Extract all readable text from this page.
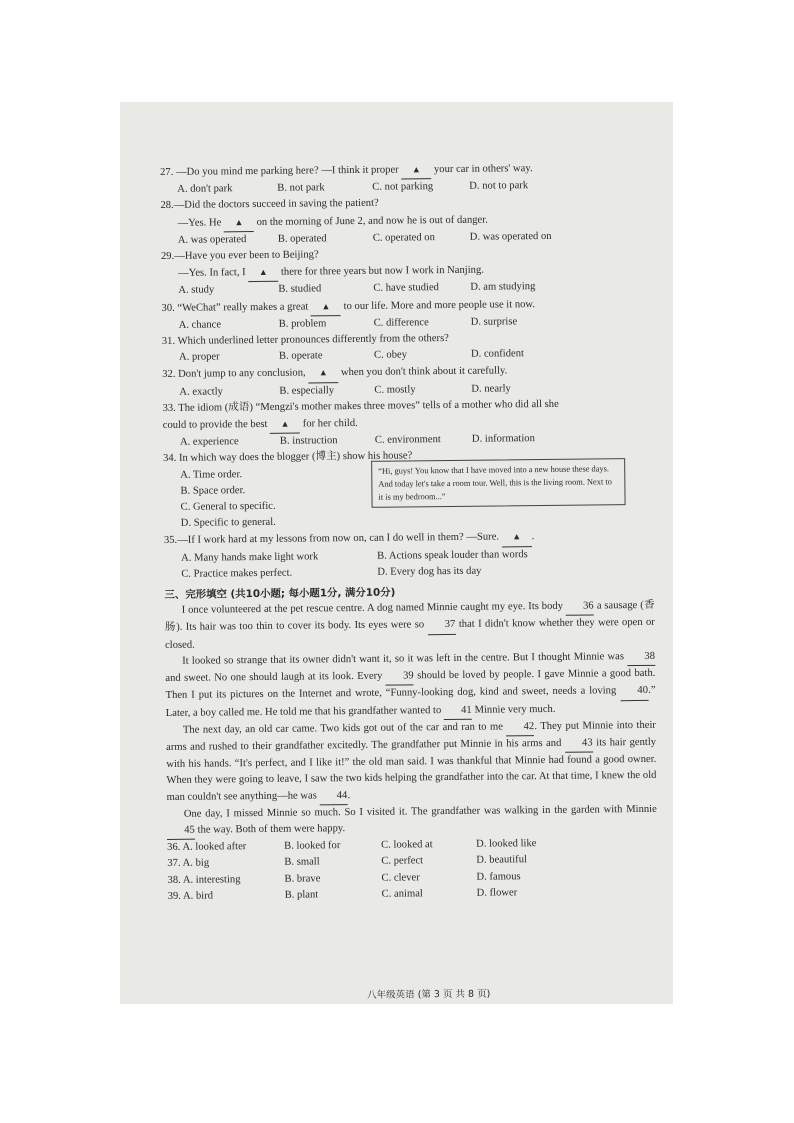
27. —Do you mind me parking here? —I think it proper ▲ your car in others' way.

A. don't park	B. not park	C. not parking	D. not to park

28.—Did the doctors succeed in saving the patient?

—Yes. He ▲ on the morning of June 2, and now he is out of danger.

A. was operated	B. operated	C. operated on	D. was operated on

29.—Have you ever been to Beijing?

—Yes. In fact, I ▲ there for three years but now I work in Nanjing.

A. study	B. studied	C. have studied	D. am studying

30. “WeChat” really makes a great ▲ to our life. More and more people use it now.

A. chance	B. problem	C. difference	D. surprise

31. Which underlined letter pronounces differently from the others?

A. proper	B. operate	C. obey	D. confident

32. Don't jump to any conclusion, ▲ when you don't think about it carefully.

A. exactly	B. especially	C. mostly	D. nearly

33. The idiom (成语) “Mengzi's mother makes three moves” tells of a mother who did all she

could to provide the best ▲ for her child.

A. experience	B. instruction	C. environment	D. information

34. In which way does the blogger (博主) show his house?

A. Time order.

B. Space order.

C. General to specific.

D. Specific to general.

“Hi, guys! You know that I have moved into a new house these days. And today let's take a room tour. Well, this is the living room. Next to it is my bedroom...”

35.—If I work hard at my lessons from now on, can I do well in them? —Sure. ▲ .

A. Many hands make light work	B. Actions speak louder than words
C. Practice makes perfect.	D. Every dog has its day

三、完形填空 (共10小题; 每小题1分, 满分10分)

I once volunteered at the pet rescue centre. A dog named Minnie caught my eye. Its body 36 a sausage (香肠). Its hair was too thin to cover its body. Its eyes were so 37 that I didn't know whether they were open or closed.

It looked so strange that its owner didn't want it, so it was left in the centre. But I thought Minnie was 38 and sweet. No one should laugh at its look. Every 39 should be loved by people. I gave Minnie a good bath. Then I put its pictures on the Internet and wrote, “Funny-looking dog, kind and sweet, needs a loving 40.” Later, a boy called me. He told me that his grandfather wanted to 41 Minnie very much.

The next day, an old car came. Two kids got out of the car and ran to me 42. They put Minnie into their arms and rushed to their grandfather excitedly. The grandfather put Minnie in his arms and 43 its hair gently with his hands. “It's perfect, and I like it!” the old man said. I was thankful that Minnie had found a good owner. When they were going to leave, I saw the two kids helping the grandfather into the car. At that time, I knew the old man couldn't see anything—he was 44.

One day, I missed Minnie so much. So I visited it. The grandfather was walking in the garden with Minnie 45 the way. Both of them were happy.

36. A. looked after	B. looked for	C. looked at	D. looked like
37. A. big	B. small	C. perfect	D. beautiful
38. A. interesting	B. brave	C. clever	D. famous
39. A. bird	B. plant	C. animal	D. flower
八年级英语 (第 3 页 共 8 页)
